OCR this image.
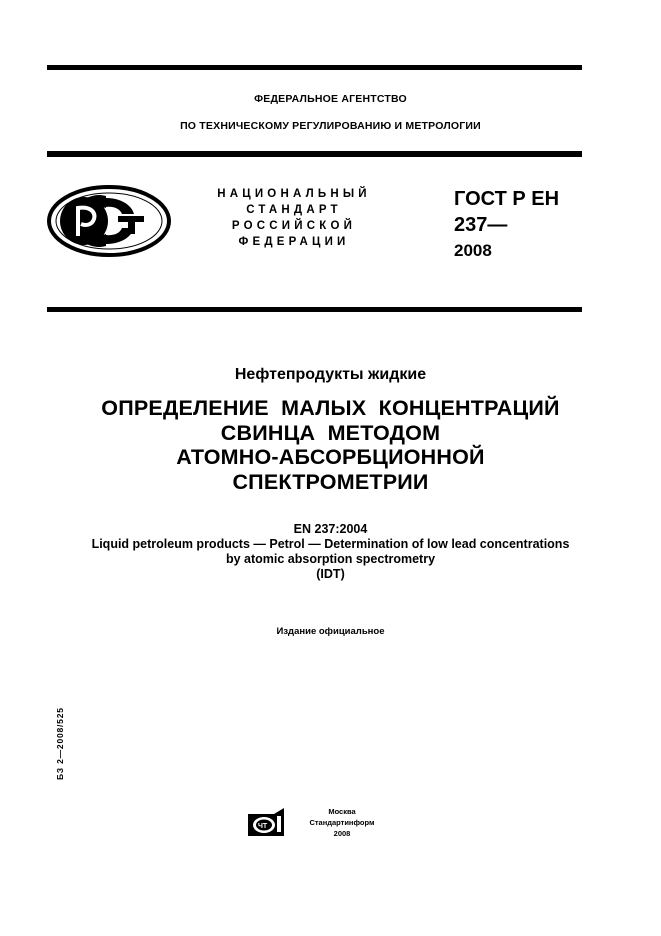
ФЕДЕРАЛЬНОЕ АГЕНТСТВО
ПО ТЕХНИЧЕСКОМУ РЕГУЛИРОВАНИЮ И МЕТРОЛОГИИ
НАЦИОНАЛЬНЫЙ
СТАНДАРТ
РОССИЙСКОЙ
ФЕДЕРАЦИИ
ГОСТ Р ЕН
237—
2008
Нефтепродукты жидкие
ОПРЕДЕЛЕНИЕ  МАЛЫХ  КОНЦЕНТРАЦИЙ
СВИНЦА  МЕТОДОМ
АТОМНО-АБСОРБЦИОННОЙ
СПЕКТРОМЕТРИИ
EN 237:2004
Liquid petroleum products — Petrol — Determination of low lead concentrations
by atomic absorption spectrometry
(IDT)
Издание официальное
БЗ 2—2008/525
ЧТ
Москва
Стандартинформ
2008
